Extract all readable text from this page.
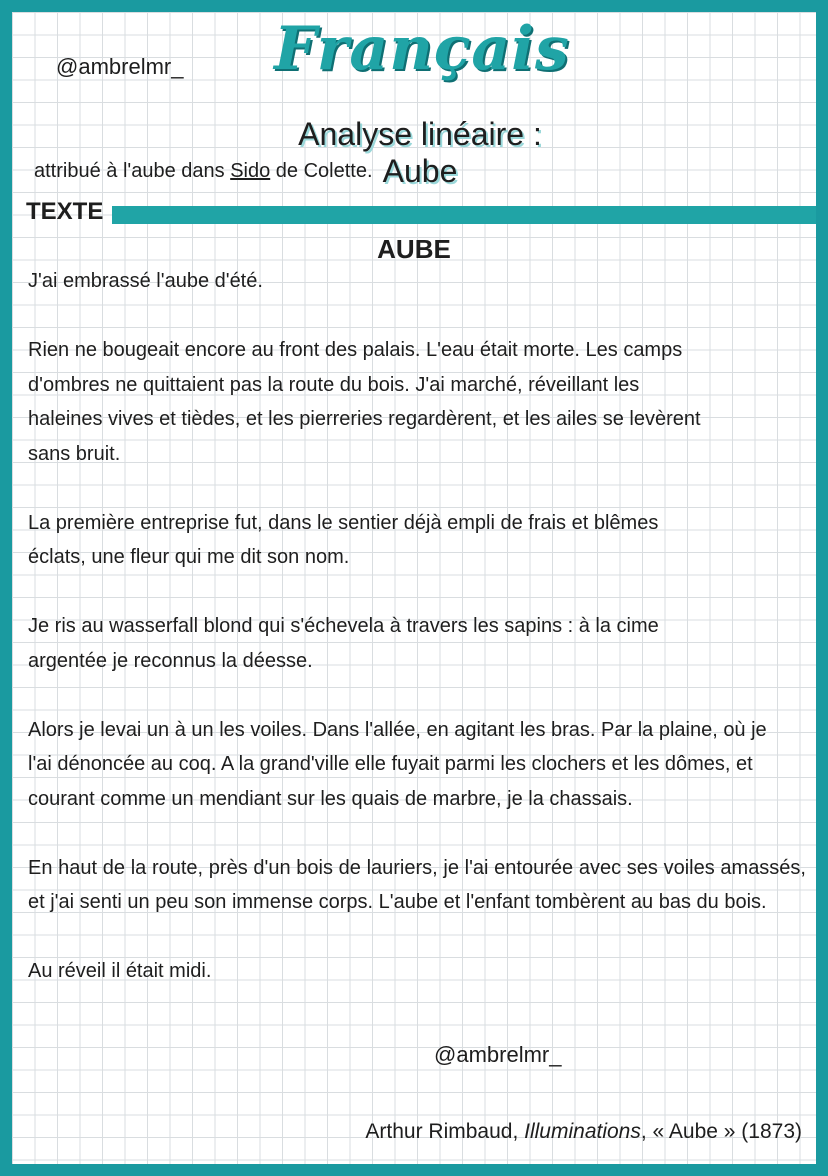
@ambrelmr_ Français
Analyse linéaire : Aube
attribué à l'aube dans Sido de Colette.
TEXTE
AUBE

J'ai embrassé l'aube d'été.

Rien ne bougeait encore au front des palais. L'eau était morte. Les camps d'ombres ne quittaient pas la route du bois. J'ai marché, réveillant les haleines vives et tièdes, et les pierreries regardèrent, et les ailes se levèrent sans bruit.

La première entreprise fut, dans le sentier déjà empli de frais et blêmes éclats, une fleur qui me dit son nom.

Je ris au wasserfall blond qui s'échevela à travers les sapins : à la cime argentée je reconnus la déesse.

Alors je levai un à un les voiles. Dans l'allée, en agitant les bras. Par la plaine, où je l'ai dénoncée au coq. A la grand'ville elle fuyait parmi les clochers et les dômes, et courant comme un mendiant sur les quais de marbre, je la chassais.

En haut de la route, près d'un bois de lauriers, je l'ai entourée avec ses voiles amassés, et j'ai senti un peu son immense corps. L'aube et l'enfant tombèrent au bas du bois.

Au réveil il était midi.

@ambrelmr_
Arthur Rimbaud, Illuminations, « Aube » (1873)
